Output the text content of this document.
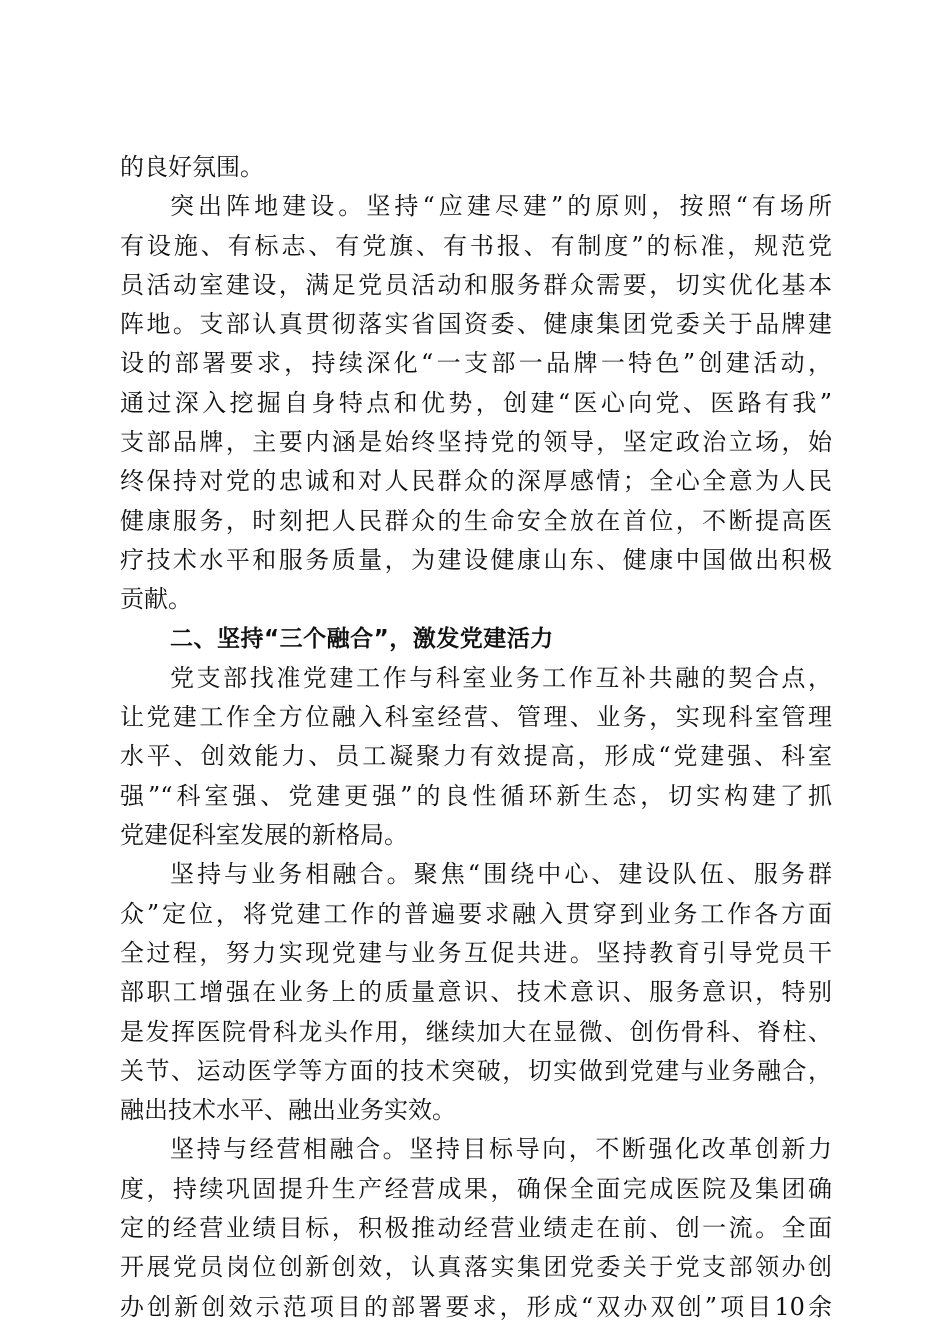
的良好氛围。
突出阵地建设。坚持“应建尽建”的原则，按照“有场所
有设施、有标志、有党旗、有书报、有制度”的标准，规范党
员活动室建设，满足党员活动和服务群众需要，切实优化基本
阵地。支部认真贯彻落实省国资委、健康集团党委关于品牌建
设的部署要求，持续深化“一支部一品牌一特色”创建活动，
通过深入挖掘自身特点和优势，创建“医心向党、医路有我”
支部品牌，主要内涵是始终坚持党的领导，坚定政治立场，始
终保持对党的忠诚和对人民群众的深厚感情；全心全意为人民
健康服务，时刻把人民群众的生命安全放在首位，不断提高医
疗技术水平和服务质量，为建设健康山东、健康中国做出积极
贡献。
二、坚持“三个融合”，激发党建活力
党支部找准党建工作与科室业务工作互补共融的契合点，
让党建工作全方位融入科室经营、管理、业务，实现科室管理
水平、创效能力、员工凝聚力有效提高，形成“党建强、科室
强”“科室强、党建更强”的良性循环新生态，切实构建了抓
党建促科室发展的新格局。
坚持与业务相融合。聚焦“围绕中心、建设队伍、服务群
众”定位，将党建工作的普遍要求融入贯穿到业务工作各方面
全过程，努力实现党建与业务互促共进。坚持教育引导党员干
部职工增强在业务上的质量意识、技术意识、服务意识，特别
是发挥医院骨科龙头作用，继续加大在显微、创伤骨科、脊柱、
关节、运动医学等方面的技术突破，切实做到党建与业务融合，
融出技术水平、融出业务实效。
坚持与经营相融合。坚持目标导向，不断强化改革创新力
度，持续巩固提升生产经营成果，确保全面完成医院及集团确
定的经营业绩目标，积极推动经营业绩走在前、创一流。全面
开展党员岗位创新创效，认真落实集团党委关于党支部领办创
办创新创效示范项目的部署要求，形成“双办双创”项目10余
